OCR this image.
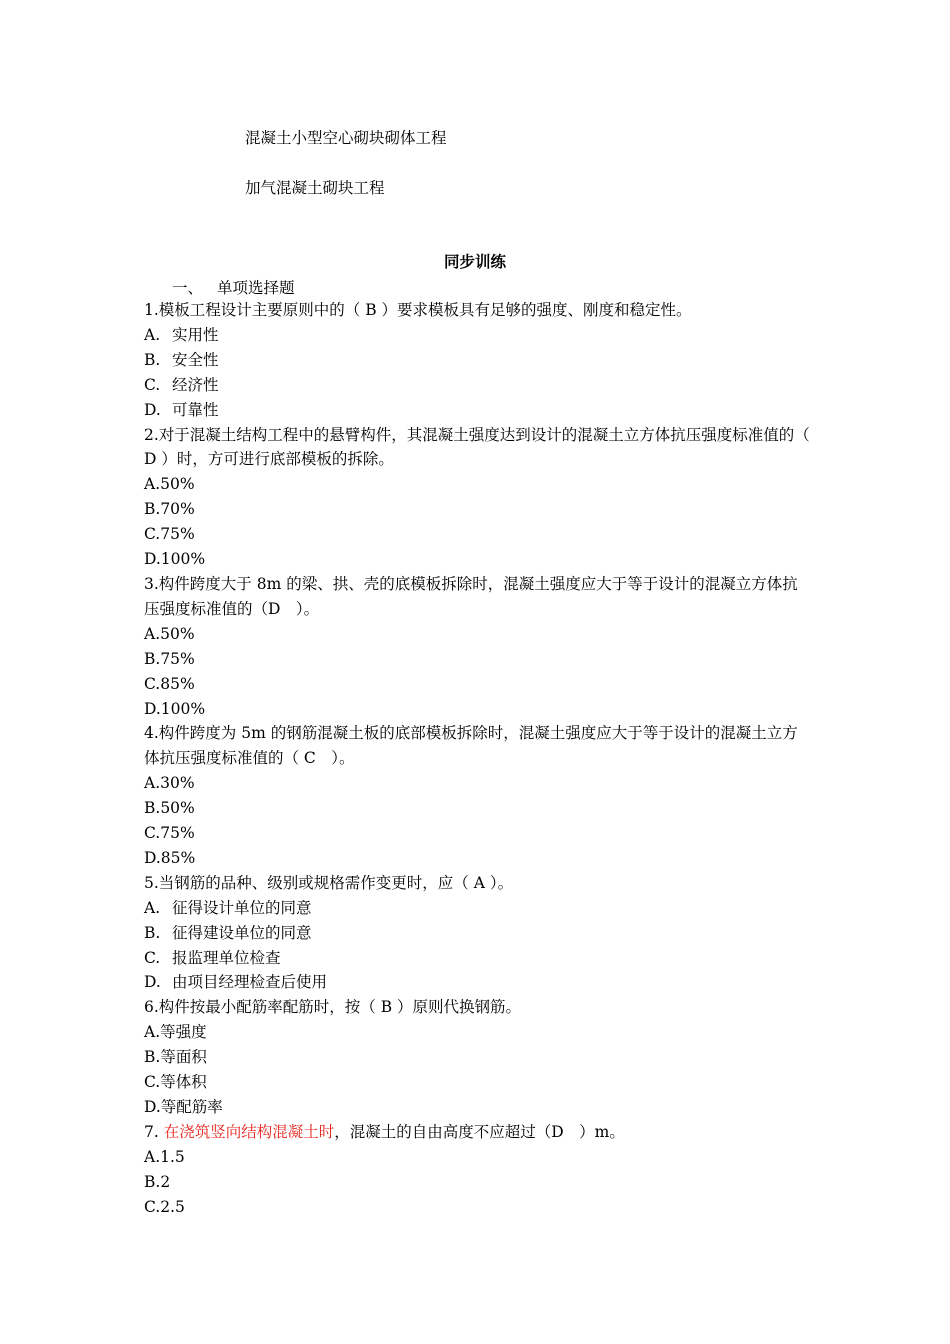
混凝土小型空心砌块砌体工程
加气混凝土砌块工程
同步训练
一、 单项选择题
1.模板工程设计主要原则中的（ B ）要求模板具有足够的强度、刚度和稳定性。
A. 实用性
B. 安全性
C. 经济性
D. 可靠性
2.对于混凝土结构工程中的悬臂构件，其混凝土强度达到设计的混凝土立方体抗压强度标准值的（　D ）时，方可进行底部模板的拆除。
A.50%
B.70%
C.75%
D.100%
3.构件跨度大于 8m 的梁、拱、壳的底模板拆除时，混凝土强度应大于等于设计的混凝立方体抗压强度标准值的（D　）。
A.50%
B.75%
C.85%
D.100%
4.构件跨度为 5m 的钢筋混凝土板的底部模板拆除时，混凝土强度应大于等于设计的混凝土立方体抗压强度标准值的（ C　）。
A.30%
B.50%
C.75%
D.85%
5.当钢筋的品种、级别或规格需作变更时，应（ A ）。
A. 征得设计单位的同意
B. 征得建设单位的同意
C. 报监理单位检查
D. 由项目经理检查后使用
6.构件按最小配筋率配筋时，按（ B ）原则代换钢筋。
A.等强度
B.等面积
C.等体积
D.等配筋率
7. 在浇筑竖向结构混凝土时，混凝土的自由高度不应超过（D　）m。
A.1.5
B.2
C.2.5
